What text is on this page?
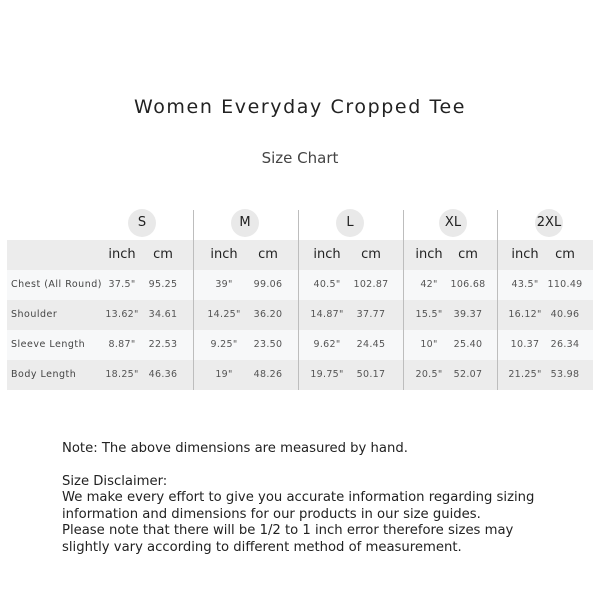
Women Everyday Cropped Tee
Size Chart
S	M	L	XL	2XL
inch	cm	inch	cm	inch	cm	inch	cm	inch	cm
Chest (All Round) 37.5"	95.25	39"	99.06	40.5"	102.87	42"	106.68	43.5" 110.49
Shoulder	13.62"	34.61	14.25"	36.20	14.87"	37.77	15.5"	39.37	16.12" 40.96
Sleeve Length	8.87"	22.53	9.25"	23.50	9.62"	24.45	10"	25.40	10.37	26.34
Body Length	18.25"	46.36	19"	48.26	19.75"	50.17	20.5"	52.07	21.25" 53.98

Note: The above dimensions are measured by hand.

Size Disclaimer:

We make every effort to give you accurate information regarding sizing

information and dimensions for our products in our size guides.

Please note that there will be 1/2 to 1 inch error therefore sizes may

slightly vary according to different method of measurement.
